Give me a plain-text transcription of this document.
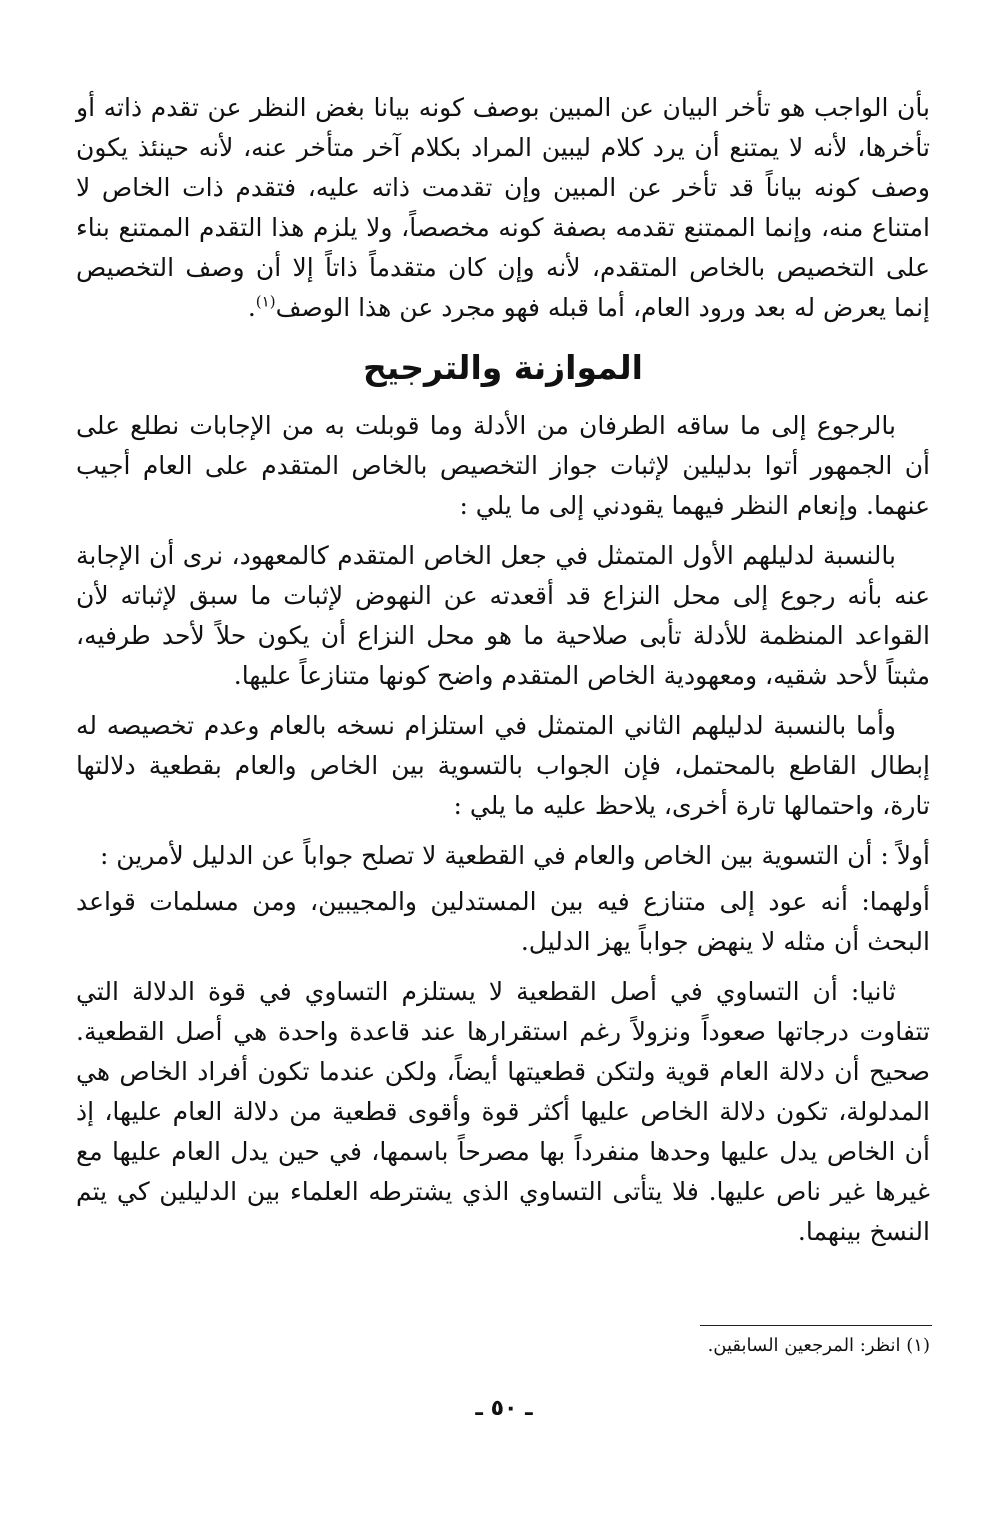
بأن الواجب هو تأخر البيان عن المبين بوصف كونه بيانا بغض النظر عن تقدم ذاته أو تأخرها، لأنه لا يمتنع أن يرد كلام ليبين المراد بكلام آخر متأخر عنه، لأنه حينئذ يكون وصف كونه بياناً قد تأخر عن المبين وإن تقدمت ذاته عليه، فتقدم ذات الخاص لا امتناع منه، وإنما الممتنع تقدمه بصفة كونه مخصصاً، ولا يلزم هذا التقدم الممتنع بناء على التخصيص بالخاص المتقدم، لأنه وإن كان متقدماً ذاتاً إلا أن وصف التخصيص إنما يعرض له بعد ورود العام، أما قبله فهو مجرد عن هذا الوصف$^{(١)}$.

الموازنة والترجيح

بالرجوع إلى ما ساقه الطرفان من الأدلة وما قوبلت به من الإجابات نطلع على أن الجمهور أتوا بدليلين لإثبات جواز التخصيص بالخاص المتقدم على العام أجيب عنهما. وإنعام النظر فيهما يقودني إلى ما يلي :

بالنسبة لدليلهم الأول المتمثل في جعل الخاص المتقدم كالمعهود، نرى أن الإجابة عنه بأنه رجوع إلى محل النزاع قد أقعدته عن النهوض لإثبات ما سبق لإثباته لأن القواعد المنظمة للأدلة تأبى صلاحية ما هو محل النزاع أن يكون حلاً لأحد طرفيه، مثبتاً لأحد شقيه، ومعهودية الخاص المتقدم واضح كونها متنازعاً عليها.

وأما بالنسبة لدليلهم الثاني المتمثل في استلزام نسخه بالعام وعدم تخصيصه له إبطال القاطع بالمحتمل، فإن الجواب بالتسوية بين الخاص والعام بقطعية دلالتها تارة، واحتمالها تارة أخرى، يلاحظ عليه ما يلي :

أولاً : أن التسوية بين الخاص والعام في القطعية لا تصلح جواباً عن الدليل لأمرين :

أولهما: أنه عود إلى متنازع فيه بين المستدلين والمجيبين، ومن مسلمات قواعد البحث أن مثله لا ينهض جواباً يهز الدليل.

ثانيا: أن التساوي في أصل القطعية لا يستلزم التساوي في قوة الدلالة التي تتفاوت درجاتها صعوداً ونزولاً رغم استقرارها عند قاعدة واحدة هي أصل القطعية. صحيح أن دلالة العام قوية ولتكن قطعيتها أيضاً، ولكن عندما تكون أفراد الخاص هي المدلولة، تكون دلالة الخاص عليها أكثر قوة وأقوى قطعية من دلالة العام عليها، إذ أن الخاص يدل عليها وحدها منفرداً بها مصرحاً باسمها، في حين يدل العام عليها مع غيرها غير ناص عليها. فلا يتأتى التساوي الذي يشترطه العلماء بين الدليلين كي يتم النسخ بينهما.

(١) انظر: المرجعين السابقين.
ـ ٥٠ ـ
